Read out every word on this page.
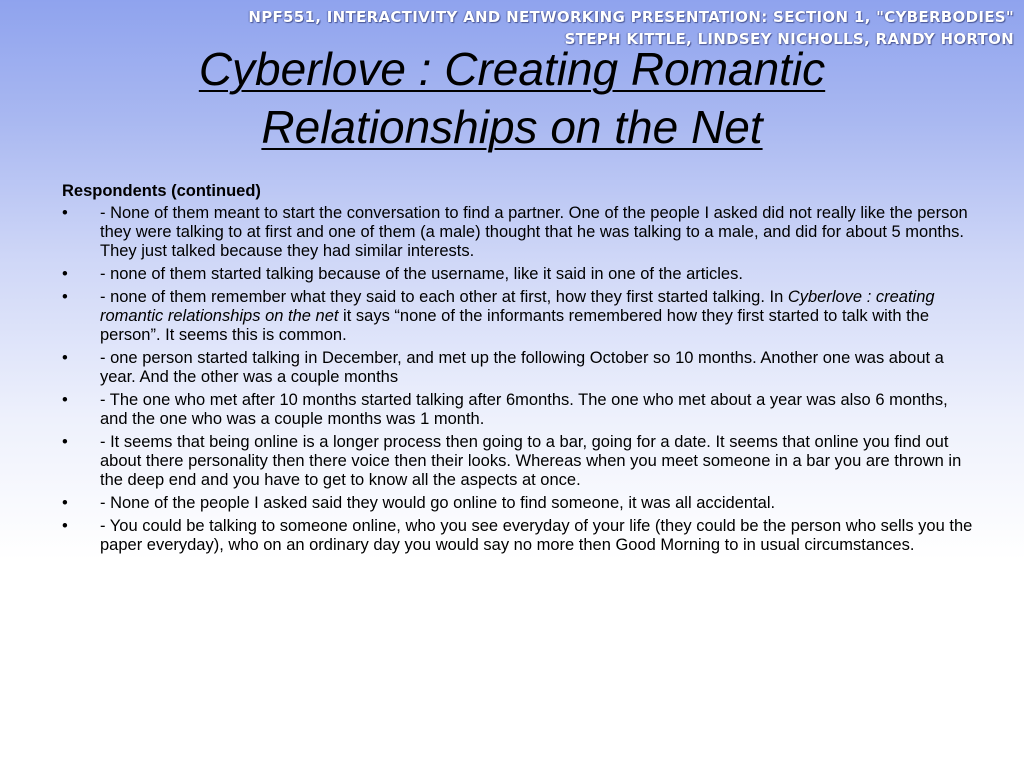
NPF551, INTERACTIVITY AND NETWORKING PRESENTATION: SECTION 1, "CYBERBODIES"
STEPH KITTLE, LINDSEY NICHOLLS, RANDY HORTON
Cyberlove : Creating Romantic
Relationships on the Net
Respondents (continued)
• - None of them meant to start the conversation to find a partner. One of the people I asked did not really like the person they were talking to at first and one of them (a male) thought that he was talking to a male, and did for about 5 months. They just talked because they had similar interests.
• - none of them started talking because of the username, like it said in one of the articles.
• - none of them remember what they said to each other at first, how they first started talking. In Cyberlove : creating romantic relationships on the net it says “none of the informants remembered how they first started to talk with the person”. It seems this is common.
• - one person started talking in December, and met up the following October so 10 months. Another one was about a year. And the other was a couple months
• - The one who met after 10 months started talking after 6months. The one who met about a year was also 6 months, and the one who was a couple months was 1 month.
• - It seems that being online is a longer process then going to a bar, going for a date. It seems that online you find out about there personality then there voice then their looks. Whereas when you meet someone in a bar you are thrown in the deep end and you have to get to know all the aspects at once.
• - None of the people I asked said they would go online to find someone, it was all accidental.
• - You could be talking to someone online, who you see everyday of your life (they could be the person who sells you the paper everyday), who on an ordinary day you would say no more then Good Morning to in usual circumstances.
